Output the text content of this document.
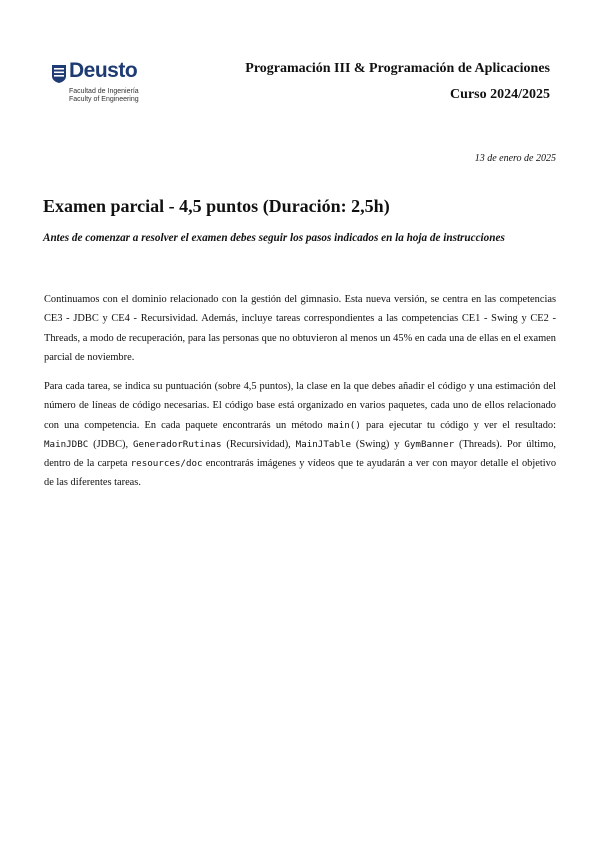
Deusto
Facultad de Ingeniería
Faculty of Engineering
Programación III & Programación de Aplicaciones
Curso 2024/2025
13 de enero de 2025
Examen parcial - 4,5 puntos (Duración: 2,5h)
Antes de comenzar a resolver el examen debes seguir los pasos indicados en la hoja de instrucciones

Continuamos con el dominio relacionado con la gestión del gimnasio. Esta nueva versión, se centra en las competencias CE3 - JDBC y CE4 - Recursividad. Además, incluye tareas correspondientes a las competencias CE1 - Swing y CE2 - Threads, a modo de recuperación, para las personas que no obtuvieron al menos un 45% en cada una de ellas en el examen parcial de noviembre.

Para cada tarea, se indica su puntuación (sobre 4,5 puntos), la clase en la que debes añadir el código y una estimación del número de líneas de código necesarias. El código base está organizado en varios paquetes, cada uno de ellos relacionado con una competencia. En cada paquete encontrarás un método main() para ejecutar tu código y ver el resultado: MainJDBC (JDBC), GeneradorRutinas (Recursividad), MainJTable (Swing) y GymBanner (Threads). Por último, dentro de la carpeta resources/doc encontrarás imágenes y vídeos que te ayudarán a ver con mayor detalle el objetivo de las diferentes tareas.
